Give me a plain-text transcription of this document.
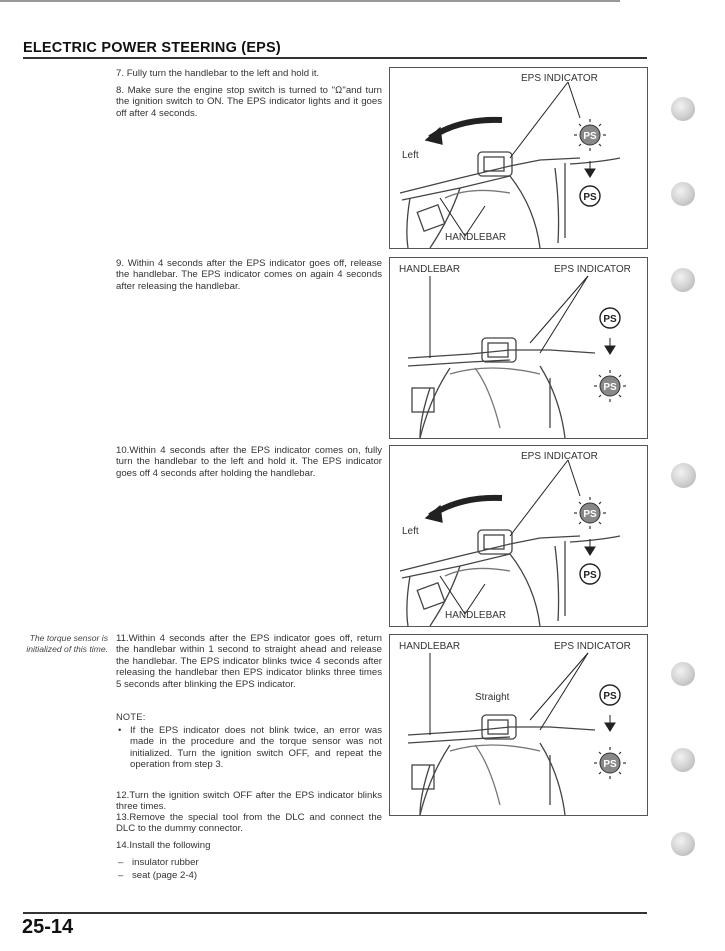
ELECTRIC POWER STEERING (EPS)
7. Fully turn the handlebar to the left and hold it.
8. Make sure the engine stop switch is turned to "Ω"and turn the ignition switch to ON. The EPS indicator lights and it goes off after 4 seconds.
9. Within 4 seconds after the EPS indicator goes off, release the handlebar. The EPS indicator comes on again 4 seconds after releasing the handlebar.
10.Within 4 seconds after the EPS indicator comes on, fully turn the handlebar to the left and hold it. The EPS indicator goes off 4 seconds after holding the handlebar.
11.Within 4 seconds after the EPS indicator goes off, return the handlebar within 1 second to straight ahead and release the handlebar. The EPS indicator blinks twice 4 seconds after releasing the handlebar then EPS indicator blinks three times 5 seconds after blinking the EPS indicator.
The torque sensor is initialized of this time.
NOTE:
• If the EPS indicator does not blink twice, an error was made in the procedure and the torque sensor was not initialized. Turn the ignition switch OFF, and repeat the operation from step 3.
12.Turn the ignition switch OFF after the EPS indicator blinks three times.
13.Remove the special tool from the DLC and connect the DLC to the dummy connector.
14.Install the following
– insulator rubber
– seat (page 2-4)
PS
PS
EPS INDICATOR
Left
HANDLEBAR
PS
PS
HANDLEBAR	EPS INDICATOR
PS
PS
EPS INDICATOR
Left
HANDLEBAR
PS
PS
HANDLEBAR	EPS INDICATOR
Straight
25-14
